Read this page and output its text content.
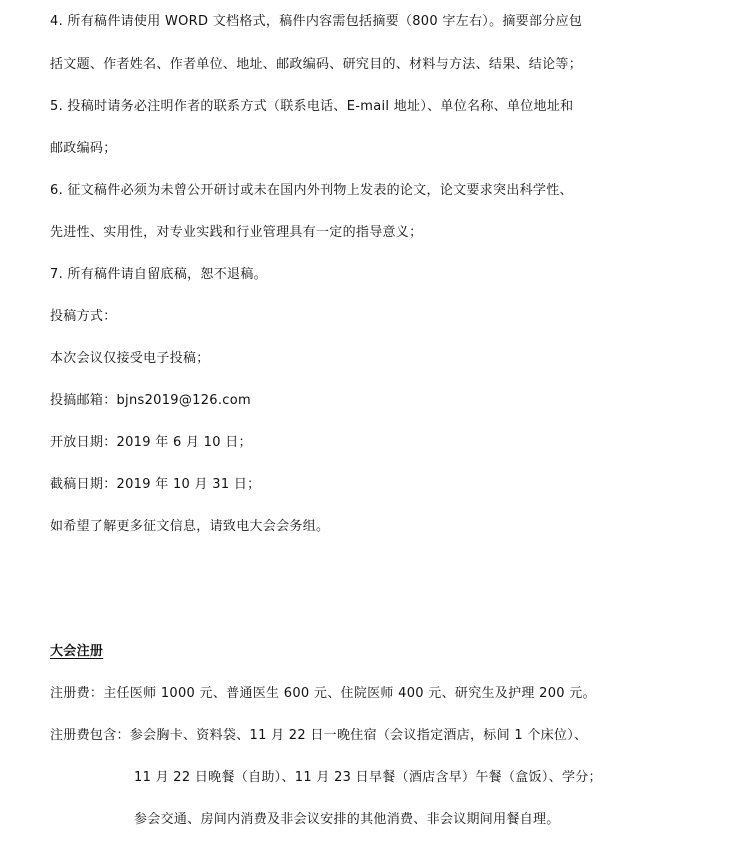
4. 所有稿件请使用 WORD 文档格式，稿件内容需包括摘要（800 字左右）。摘要部分应包
括文题、作者姓名、作者单位、地址、邮政编码、研究目的、材料与方法、结果、结论等；
5. 投稿时请务必注明作者的联系方式（联系电话、E-mail 地址）、单位名称、单位地址和
邮政编码；
6. 征文稿件必须为未曾公开研讨或未在国内外刊物上发表的论文，论文要求突出科学性、
先进性、实用性，对专业实践和行业管理具有一定的指导意义；
7. 所有稿件请自留底稿，恕不退稿。
投稿方式：
本次会议仅接受电子投稿；
投搞邮箱：bjns2019@126.com
开放日期：2019 年 6 月 10 日；
截稿日期：2019 年 10 月 31 日；
如希望了解更多征文信息，请致电大会会务组。
大会注册
注册费：主任医师 1000 元、普通医生 600 元、住院医师 400 元、研究生及护理 200 元。
注册费包含：参会胸卡、资料袋、11 月 22 日一晚住宿（会议指定酒店，标间 1 个床位）、
11 月 22 日晚餐（自助）、11 月 23 日早餐（酒店含早）午餐（盒饭）、学分；
参会交通、房间内消费及非会议安排的其他消费、非会议期间用餐自理。
